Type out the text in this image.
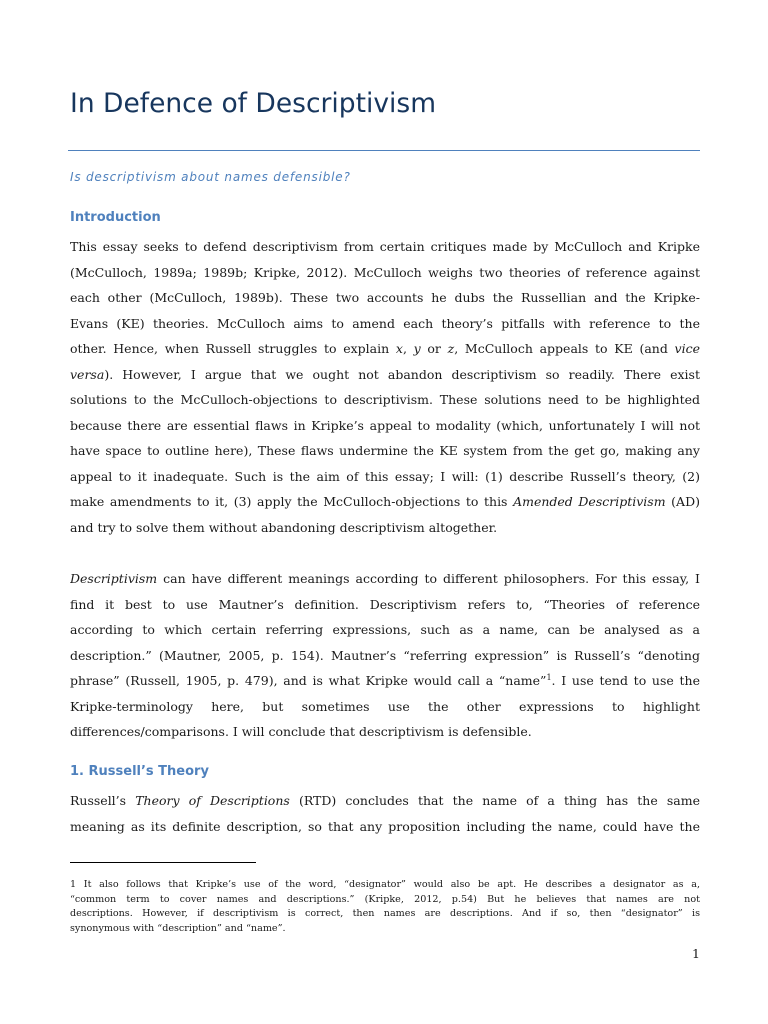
In Defence of Descriptivism
Is descriptivism about names defensible?
Introduction
This essay seeks to defend descriptivism from certain critiques made by McCulloch and Kripke
(McCulloch, 1989a; 1989b; Kripke, 2012). McCulloch weighs two theories of reference against
each other (McCulloch, 1989b). These two accounts he dubs the Russellian and the Kripke-
Evans (KE) theories. McCulloch aims to amend each theory’s pitfalls with reference to the
other. Hence, when Russell struggles to explain x, y or z, McCulloch appeals to KE (and vice
versa). However, I argue that we ought not abandon descriptivism so readily. There exist
solutions to the McCulloch-objections to descriptivism. These solutions need to be highlighted
because there are essential flaws in Kripke’s appeal to modality (which, unfortunately I will not
have space to outline here), These flaws undermine the KE system from the get go, making any
appeal to it inadequate. Such is the aim of this essay; I will: (1) describe Russell’s theory, (2)
make amendments to it, (3) apply the McCulloch-objections to this Amended Descriptivism (AD)
and try to solve them without abandoning descriptivism altogether.
Descriptivism can have different meanings according to different philosophers. For this essay, I
find it best to use Mautner’s definition. Descriptivism refers to, “Theories of reference
according to which certain referring expressions, such as a name, can be analysed as a
description.” (Mautner, 2005, p. 154). Mautner’s “referring expression” is Russell’s “denoting
phrase” (Russell, 1905, p. 479), and is what Kripke would call a “name”$^1$. I use tend to use the
Kripke-terminology here, but sometimes use the other expressions to highlight
differences/comparisons. I will conclude that descriptivism is defensible.
1. Russell’s Theory
Russell’s Theory of Descriptions (RTD) concludes that the name of a thing has the same
meaning as its definite description, so that any proposition including the name, could have the
1 It also follows that Kripke’s use of the word, “designator” would also be apt. He describes a designator as a,
“common term to cover names and descriptions.” (Kripke, 2012, p.54) But he believes that names are not
descriptions. However, if descriptivism is correct, then names are descriptions. And if so, then “designator” is
synonymous with “description” and “name”.
1
